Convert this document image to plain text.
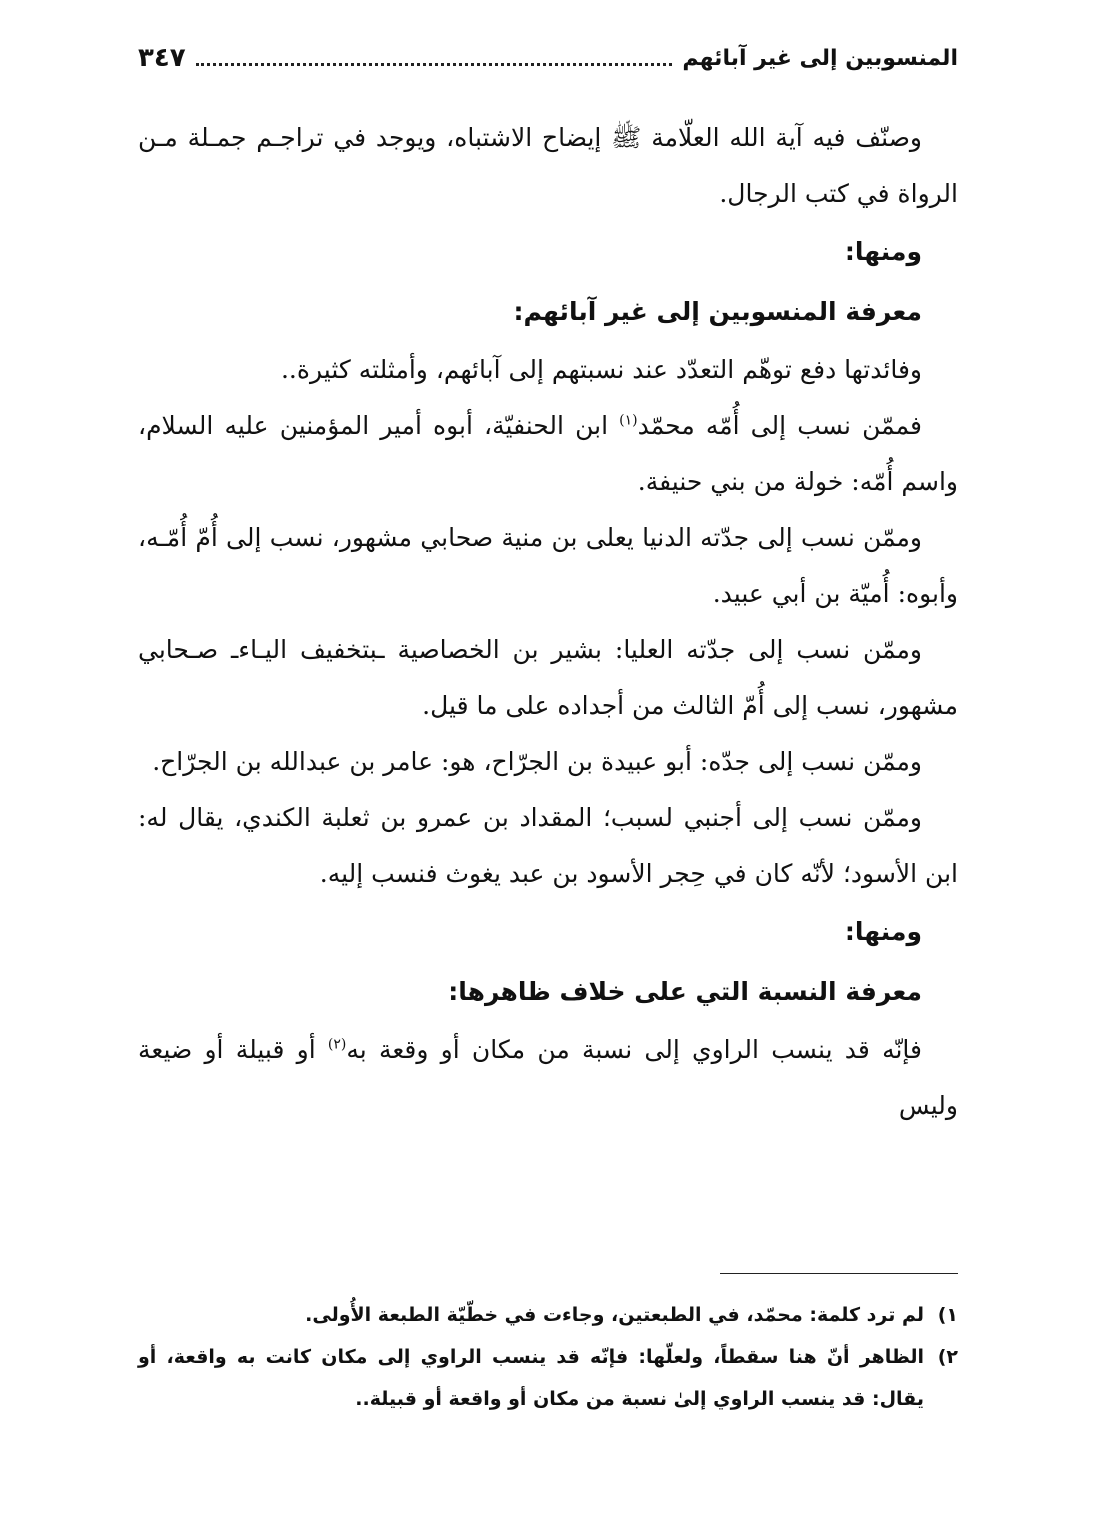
المنسوبين إلى غير آبائهم
٣٤٧

وصنّف فيه آية الله العلّامة ﷺ إيضاح الاشتباه، ويوجد في تراجـم جمـلة مـن الرواة في كتب الرجال.

ومنها:
معرفة المنسوبين إلى غير آبائهم:

وفائدتها دفع توهّم التعدّد عند نسبتهم إلى آبائهم، وأمثلته كثيرة..

فممّن نسب إلى أُمّه محمّد$^{(١)}$ ابن الحنفيّة، أبوه أمير المؤمنين عليه السلام، واسم أُمّه: خولة من بني حنيفة.

وممّن نسب إلى جدّته الدنيا يعلى بن منية صحابي مشهور، نسب إلى أُمّ أُمّـه، وأبوه: أُميّة بن أبي عبيد.

وممّن نسب إلى جدّته العليا: بشير بن الخصاصية ـبتخفيف اليـاءـ صـحابي مشهور، نسب إلى أُمّ الثالث من أجداده على ما قيل.

وممّن نسب إلى جدّه: أبو عبيدة بن الجرّاح، هو: عامر بن عبدالله بن الجرّاح.

وممّن نسب إلى أجنبي لسبب؛ المقداد بن عمرو بن ثعلبة الكندي، يقال له: ابن الأسود؛ لأنّه كان في حِجر الأسود بن عبد يغوث فنسب إليه.

ومنها:
معرفة النسبة التي على خلاف ظاهرها:

فإنّه قد ينسب الراوي إلى نسبة من مكان أو وقعة به$^{(٢)}$ أو قبيلة أو ضيعة وليس

١)
لم ترد كلمة: محمّد، في الطبعتين، وجاءت في خطّيّة الطبعة الأُولى.
٢)
الظاهر أنّ هنا سقطاً، ولعلّها: فإنّه قد ينسب الراوي إلى مكان كانت به واقعة، أو يقال: قد ينسب الراوي إلىٰ نسبة من مكان أو واقعة أو قبيلة..
